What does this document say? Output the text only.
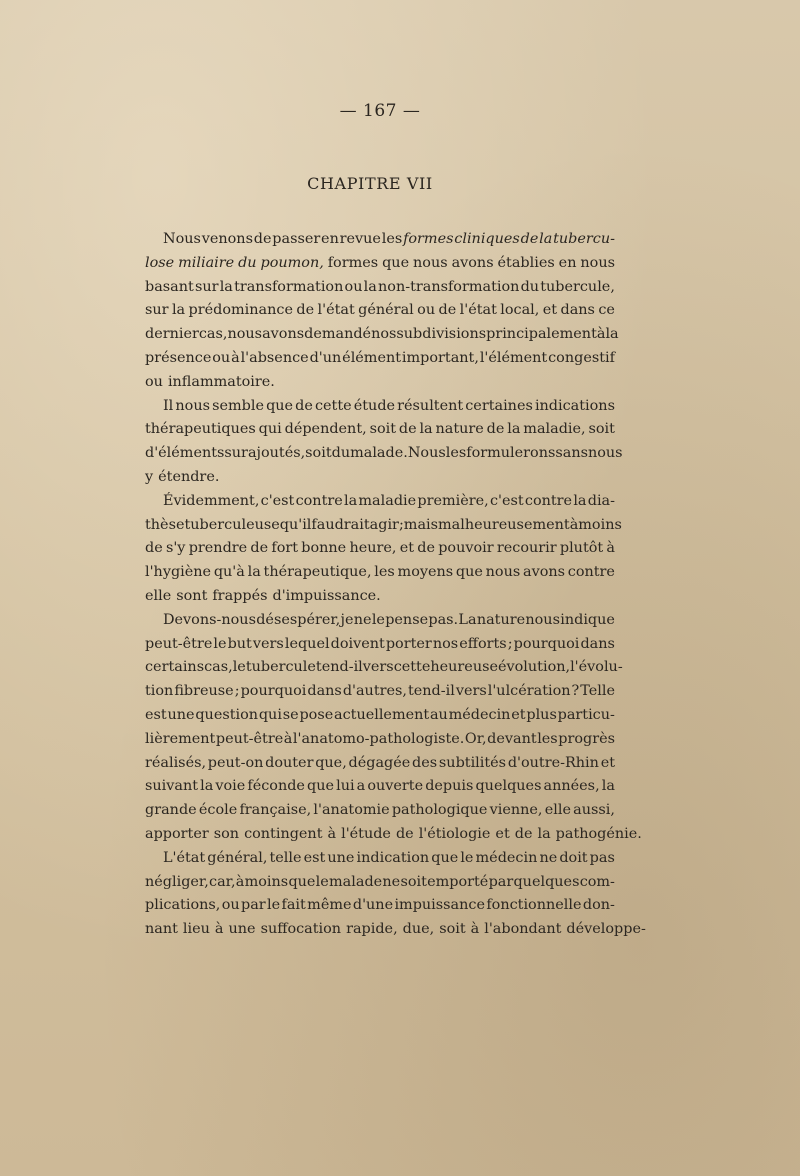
— 167 —
CHAPITRE VII
Nous venons de passer en revue les formes cliniques de la tubercu-
lose miliaire du poumon, formes que nous avons établies en nous
basant sur la transformation ou la non-transformation du tubercule,
sur la prédominance de l'état général ou de l'état local, et dans ce
dernier cas, nous avons demandé nos subdivisions principalement à la
présence ou à l'absence d'un élément important, l'élément congestif
ou inflammatoire.
Il nous semble que de cette étude résultent certaines indications
thérapeutiques qui dépendent, soit de la nature de la maladie, soit
d'éléments surajoutés, soit du malade. Nous les formulerons sans nous
y étendre.
Évidemment, c'est contre la maladie première, c'est contre la dia-
thèse tuberculeuse qu'il faudrait agir ; mais malheureusement à moins
de s'y prendre de fort bonne heure, et de pouvoir recourir plutôt à
l'hygiène qu'à la thérapeutique, les moyens que nous avons contre
elle sont frappés d'impuissance.
Devons-nous désespérer, je ne le pense pas. La nature nous indique
peut-être le but vers lequel doivent porter nos efforts ; pourquoi dans
certains cas, le tubercule tend-il vers cette heureuse évolution, l'évolu-
tion fibreuse ; pourquoi dans d'autres, tend-il vers l'ulcération ? Telle
est une question qui se pose actuellement au médecin et plus particu-
lièrement peut-être à l'anatomo-pathologiste. Or, devant les progrès
réalisés, peut-on douter que, dégagée des subtilités d'outre-Rhin et
suivant la voie féconde que lui a ouverte depuis quelques années, la
grande école française, l'anatomie pathologique vienne, elle aussi,
apporter son contingent à l'étude de l'étiologie et de la pathogénie.
L'état général, telle est une indication que le médecin ne doit pas
négliger, car, à moins que le malade ne soit emporté par quelques com-
plications, ou par le fait même d'une impuissance fonctionnelle don-
nant lieu à une suffocation rapide, due, soit à l'abondant développe-
